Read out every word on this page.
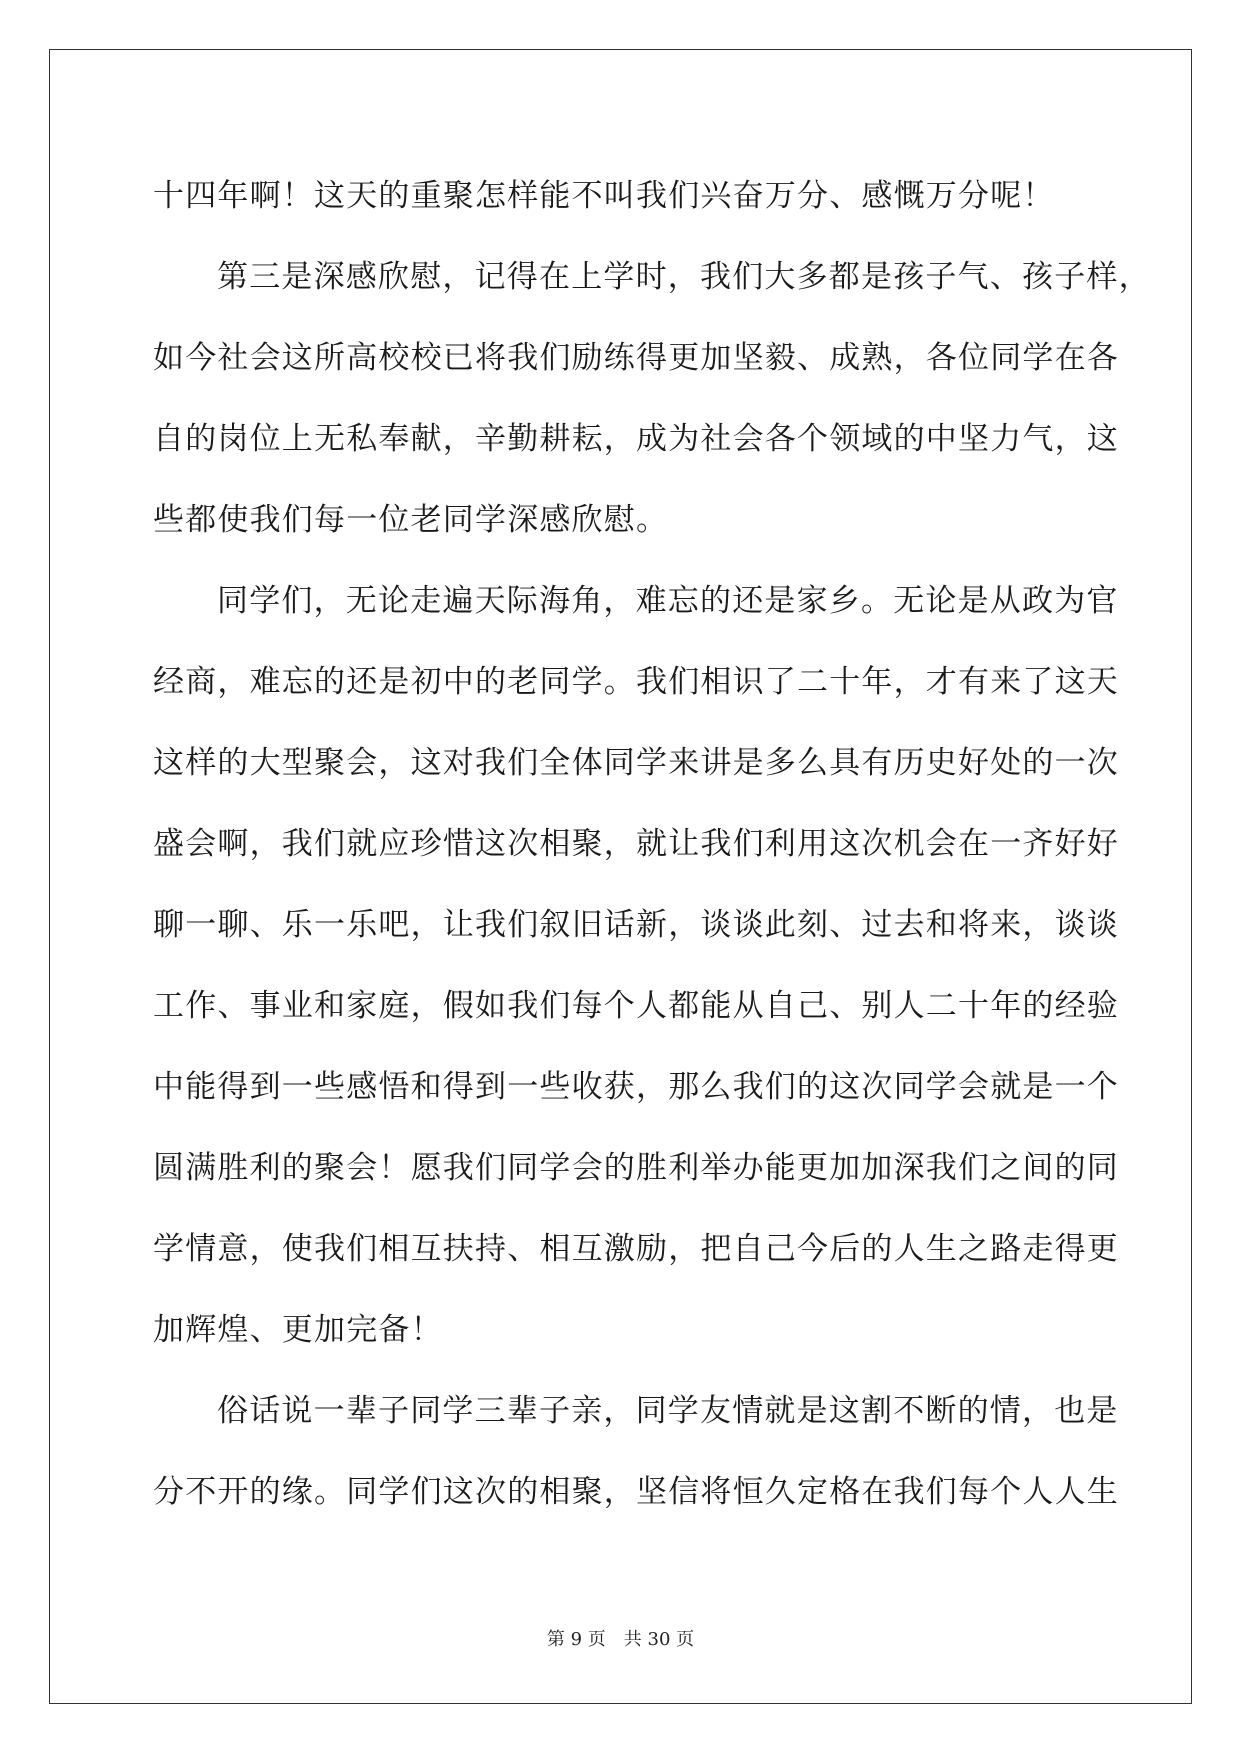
十四年啊！这天的重聚怎样能不叫我们兴奋万分、感慨万分呢！
第三是深感欣慰，记得在上学时，我们大多都是孩子气、孩子样，
如今社会这所高校校已将我们励练得更加坚毅、成熟，各位同学在各
自的岗位上无私奉献，辛勤耕耘，成为社会各个领域的中坚力气，这
些都使我们每一位老同学深感欣慰。
同学们，无论走遍天际海角，难忘的还是家乡。无论是从政为官
经商，难忘的还是初中的老同学。我们相识了二十年，才有来了这天
这样的大型聚会，这对我们全体同学来讲是多么具有历史好处的一次
盛会啊，我们就应珍惜这次相聚，就让我们利用这次机会在一齐好好
聊一聊、乐一乐吧，让我们叙旧话新，谈谈此刻、过去和将来，谈谈
工作、事业和家庭，假如我们每个人都能从自己、别人二十年的经验
中能得到一些感悟和得到一些收获，那么我们的这次同学会就是一个
圆满胜利的聚会！愿我们同学会的胜利举办能更加加深我们之间的同
学情意，使我们相互扶持、相互激励，把自己今后的人生之路走得更
加辉煌、更加完备！
俗话说一辈子同学三辈子亲，同学友情就是这割不断的情，也是
分不开的缘。同学们这次的相聚，坚信将恒久定格在我们每个人人生
第 9 页　共 30 页
